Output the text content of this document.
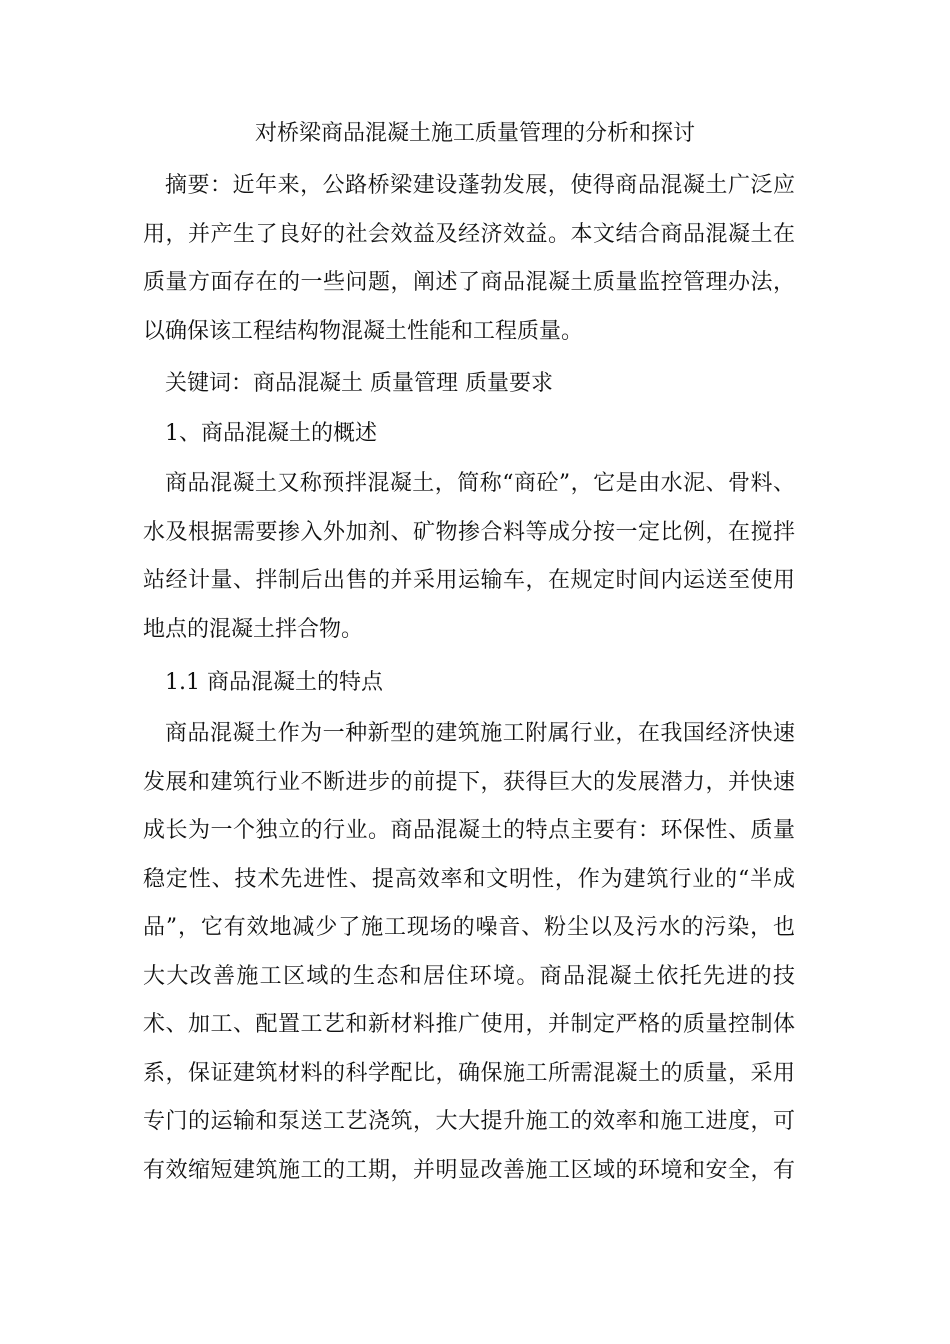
对桥梁商品混凝土施工质量管理的分析和探讨
摘要：近年来，公路桥梁建设蓬勃发展，使得商品混凝土广泛应
用，并产生了良好的社会效益及经济效益。本文结合商品混凝土在
质量方面存在的一些问题，阐述了商品混凝土质量监控管理办法，
以确保该工程结构物混凝土性能和工程质量。
关键词：商品混凝土 质量管理 质量要求
1、商品混凝土的概述
商品混凝土又称预拌混凝土，简称“商砼”，它是由水泥、骨料、
水及根据需要掺入外加剂、矿物掺合料等成分按一定比例，在搅拌
站经计量、拌制后出售的并采用运输车，在规定时间内运送至使用
地点的混凝土拌合物。
1.1 商品混凝土的特点
商品混凝土作为一种新型的建筑施工附属行业，在我国经济快速
发展和建筑行业不断进步的前提下，获得巨大的发展潜力，并快速
成长为一个独立的行业。商品混凝土的特点主要有：环保性、质量
稳定性、技术先进性、提高效率和文明性，作为建筑行业的“半成
品”，它有效地减少了施工现场的噪音、粉尘以及污水的污染，也
大大改善施工区域的生态和居住环境。商品混凝土依托先进的技
术、加工、配置工艺和新材料推广使用，并制定严格的质量控制体
系，保证建筑材料的科学配比，确保施工所需混凝土的质量，采用
专门的运输和泵送工艺浇筑，大大提升施工的效率和施工进度，可
有效缩短建筑施工的工期，并明显改善施工区域的环境和安全，有
